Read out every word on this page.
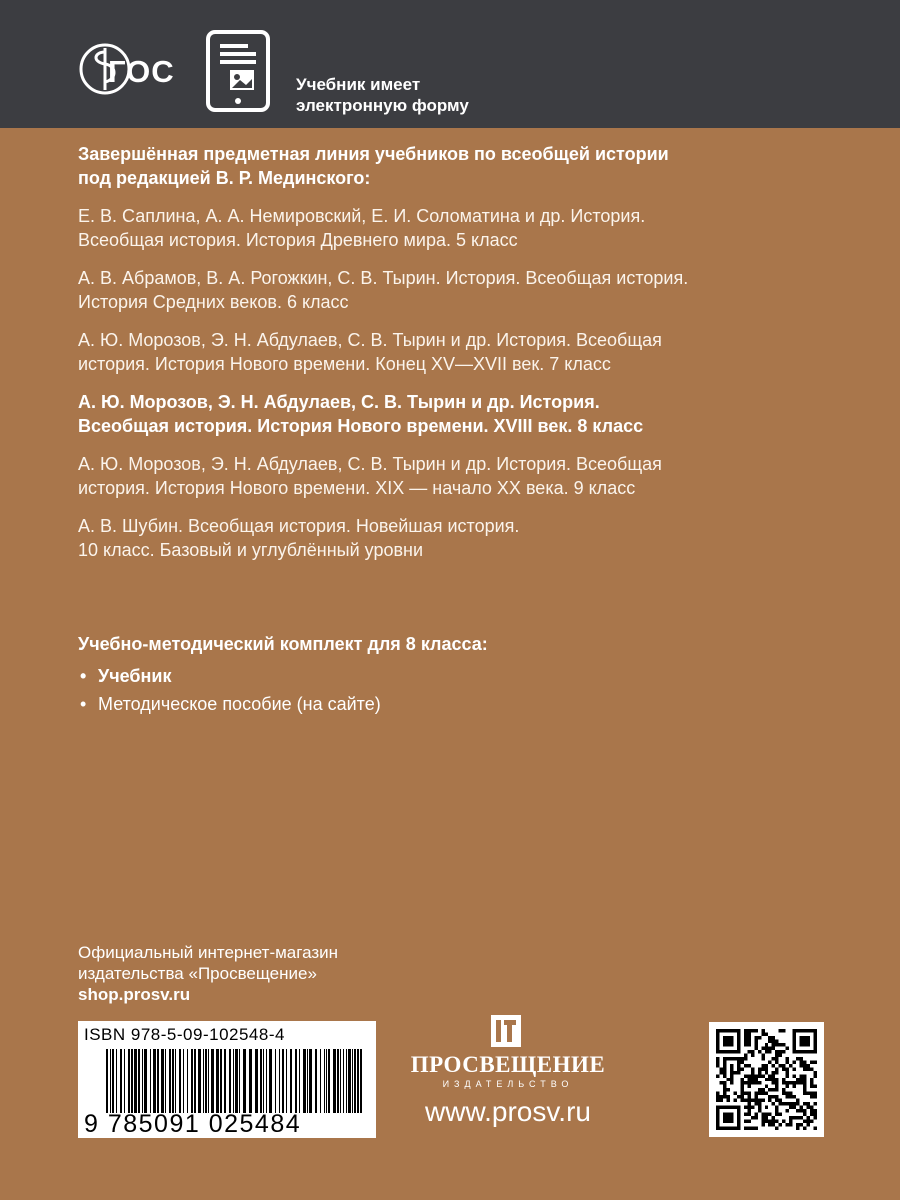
ГОС	Учебник имеет
электронную форму
Завершённая предметная линия учебников по всеобщей истории
под редакцией В. Р. Мединского:
Е. В. Саплина, А. А. Немировский, Е. И. Соломатина и др. История.
Всеобщая история. История Древнего мира. 5 класс
А. В. Абрамов, В. А. Рогожкин, С. В. Тырин. История. Всеобщая история.
История Средних веков. 6 класс
А. Ю. Морозов, Э. Н. Абдулаев, С. В. Тырин и др. История. Всеобщая
история. История Нового времени. Конец XV—XVII век. 7 класс
А. Ю. Морозов, Э. Н. Абдулаев, С. В. Тырин и др. История.
Всеобщая история. История Нового времени. XVIII век. 8 класс
А. Ю. Морозов, Э. Н. Абдулаев, С. В. Тырин и др. История. Всеобщая
история. История Нового времени. XIX — начало XX века. 9 класс
А. В. Шубин. Всеобщая история. Новейшая история.
10 класс. Базовый и углублённый уровни
Учебно-методический комплект для 8 класса:
• Учебник
• Методическое пособие (на сайте)
Официальный интернет-магазин
издательства «Просвещение»
shop.prosv.ru
ISBN 978-5-09-102548-4
9 785091 025484
ПРОСВЕЩЕНИЕ
ИЗДАТЕЛЬСТВО
www.prosv.ru
